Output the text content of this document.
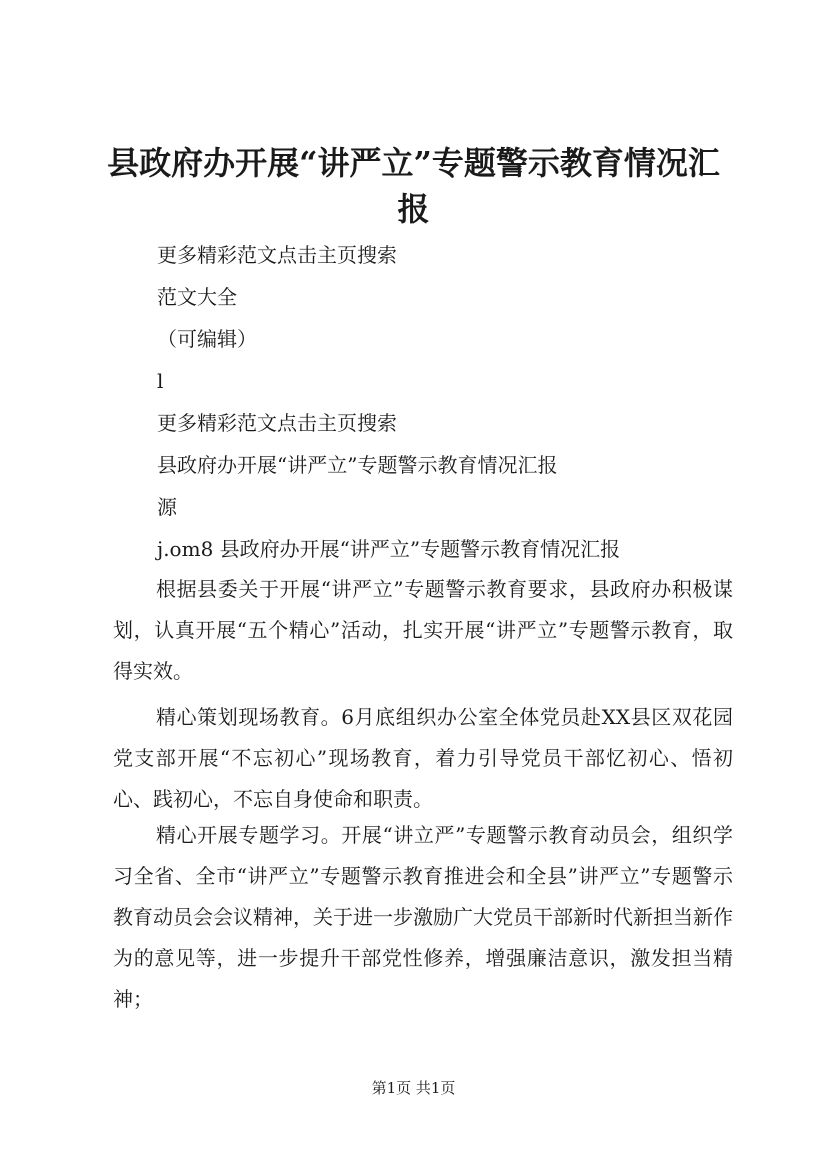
县政府办开展“讲严立”专题警示教育情况汇报
更多精彩范文点击主页搜索
范文大全
（可编辑）
l
更多精彩范文点击主页搜索
县政府办开展“讲严立”专题警示教育情况汇报
源
j.om8 县政府办开展“讲严立”专题警示教育情况汇报
根据县委关于开展“讲严立”专题警示教育要求，县政府办积极谋划，认真开展“五个精心”活动，扎实开展“讲严立”专题警示教育，取得实效。
精心策划现场教育。6月底组织办公室全体党员赴XX县区双花园党支部开展“不忘初心”现场教育，着力引导党员干部忆初心、悟初心、践初心，不忘自身使命和职责。
精心开展专题学习。开展“讲立严”专题警示教育动员会，组织学习全省、全市“讲严立”专题警示教育推进会和全县”讲严立”专题警示教育动员会会议精神，关于进一步激励广大党员干部新时代新担当新作为的意见等，进一步提升干部党性修养，增强廉洁意识，激发担当精神；
第1页 共1页
